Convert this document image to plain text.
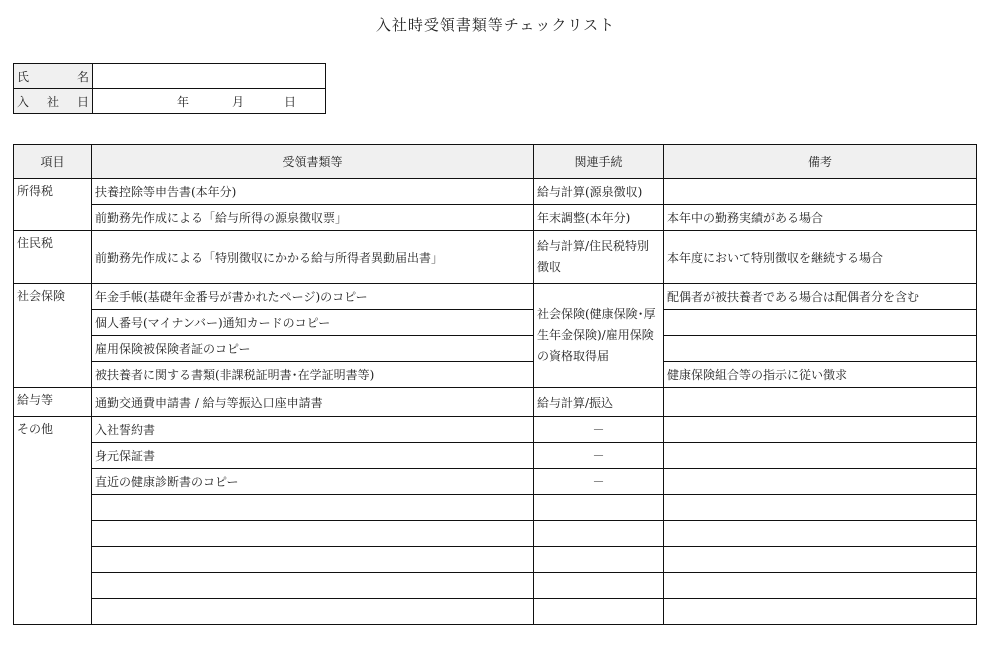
入社時受領書類等チェックリスト
氏 名	

入 社 日	年 月 日
項目	受領書類等	関連手続	備考
所得税	扶養控除等申告書(本年分)	給与計算(源泉徴収)	
	前勤務先作成による「給与所得の源泉徴収票」	年末調整(本年分)	本年中の勤務実績がある場合
住民税	前勤務先作成による「特別徴収にかかる給与所得者異動届出書」	給与計算/住民税特別徴収	本年度において特別徴収を継続する場合
社会保険	年金手帳(基礎年金番号が書かれたページ)のコピー	社会保険(健康保険･厚生年金保険)/雇用保険の資格取得届	配偶者が被扶養者である場合は配偶者分を含む
	個人番号(マイナンバー)通知カードのコピー		
	雇用保険被保険者証のコピー		
	被扶養者に関する書類(非課税証明書･在学証明書等)		健康保険組合等の指示に従い徴求
給与等	通勤交通費申請書 / 給与等振込口座申請書	給与計算/振込	
その他	入社誓約書	－	
	身元保証書	－	
	直近の健康診断書のコピー	－	
